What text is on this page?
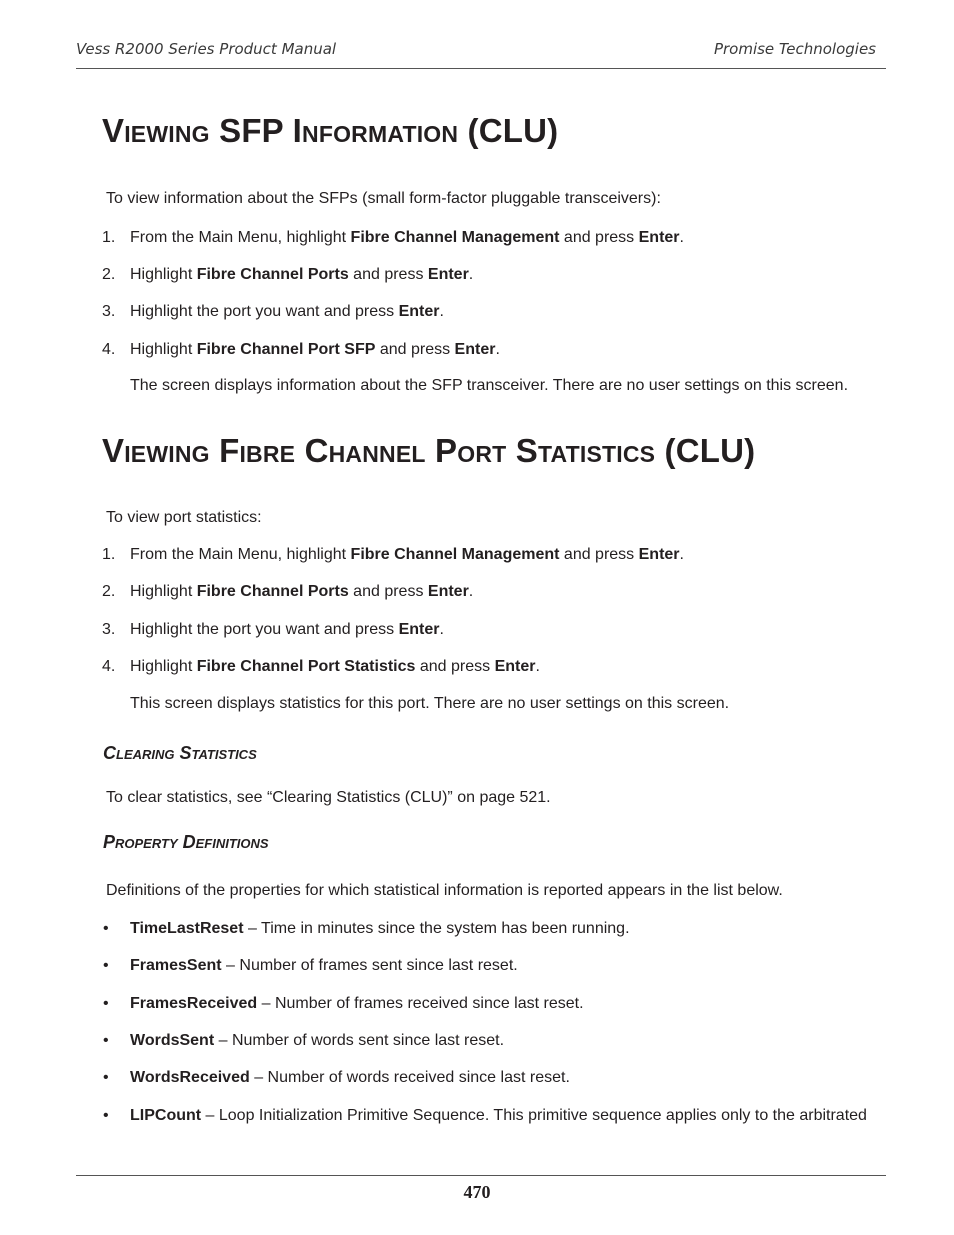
Vess R2000 Series Product Manual	Promise Technologies
Viewing SFP Information (CLU)
To view information about the SFPs (small form-factor pluggable transceivers):
1. From the Main Menu, highlight Fibre Channel Management and press Enter.
2. Highlight Fibre Channel Ports and press Enter.
3. Highlight the port you want and press Enter.
4. Highlight Fibre Channel Port SFP and press Enter.
The screen displays information about the SFP transceiver. There are no user settings on this screen.
Viewing Fibre Channel Port Statistics (CLU)
To view port statistics:
1. From the Main Menu, highlight Fibre Channel Management and press Enter.
2. Highlight Fibre Channel Ports and press Enter.
3. Highlight the port you want and press Enter.
4. Highlight Fibre Channel Port Statistics and press Enter.
This screen displays statistics for this port. There are no user settings on this screen.
Clearing Statistics
To clear statistics, see “Clearing Statistics (CLU)” on page 521.
Property Definitions
Definitions of the properties for which statistical information is reported appears in the list below.
• TimeLastReset – Time in minutes since the system has been running.
• FramesSent – Number of frames sent since last reset.
• FramesReceived – Number of frames received since last reset.
• WordsSent – Number of words sent since last reset.
• WordsReceived – Number of words received since last reset.
• LIPCount – Loop Initialization Primitive Sequence. This primitive sequence applies only to the arbitrated
470
